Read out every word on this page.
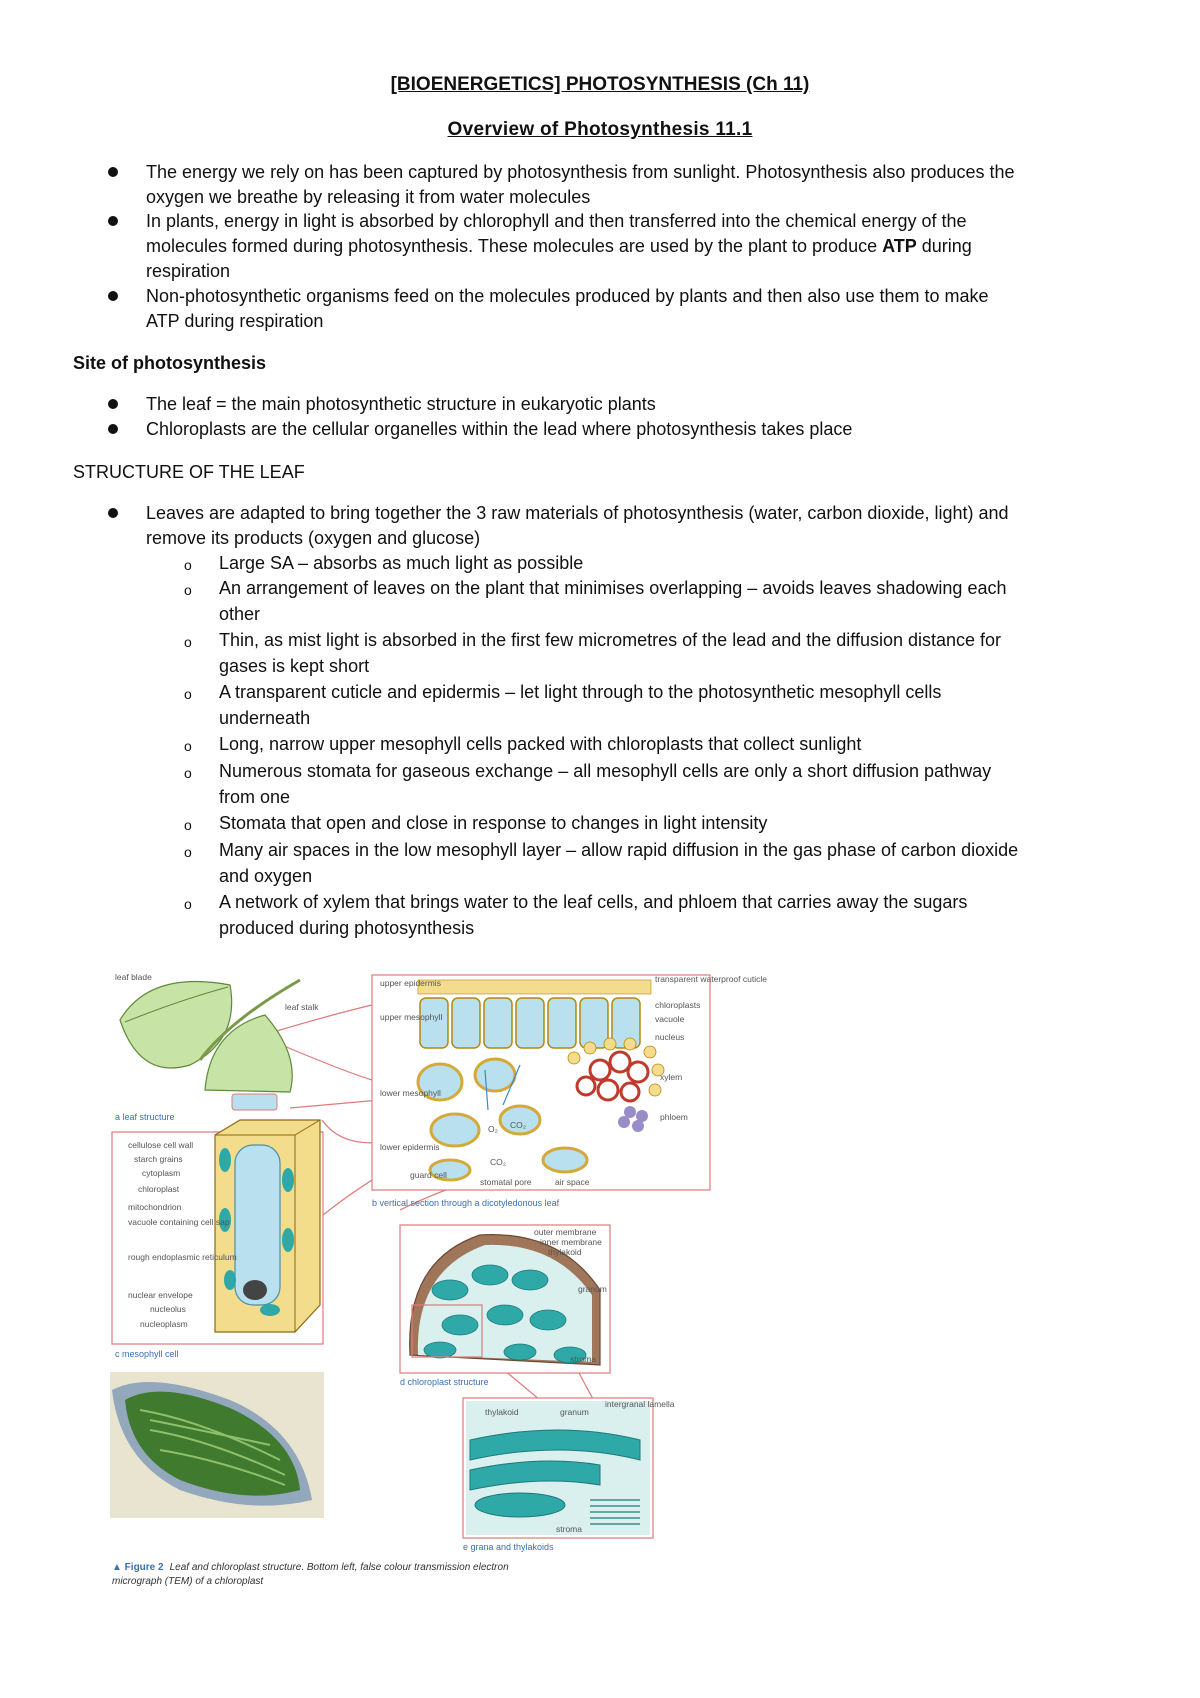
[BIOENERGETICS] PHOTOSYNTHESIS (Ch 11)
Overview of Photosynthesis 11.1
The energy we rely on has been captured by photosynthesis from sunlight. Photosynthesis also produces the
oxygen we breathe by releasing it from water molecules
In plants, energy in light is absorbed by chlorophyll and then transferred into the chemical energy of the
molecules formed during photosynthesis. These molecules are used by the plant to produce ATP during
respiration
Non-photosynthetic organisms feed on the molecules produced by plants and then also use them to make
ATP during respiration
Site of photosynthesis
The leaf = the main photosynthetic structure in eukaryotic plants
Chloroplasts are the cellular organelles within the lead where photosynthesis takes place
STRUCTURE OF THE LEAF
Leaves are adapted to bring together the 3 raw materials of photosynthesis (water, carbon dioxide, light) and
remove its products (oxygen and glucose)
o Large SA – absorbs as much light as possible
o An arrangement of leaves on the plant that minimises overlapping – avoids leaves shadowing each
other
o Thin, as mist light is absorbed in the first few micrometres of the lead and the diffusion distance for
gases is kept short
o A transparent cuticle and epidermis – let light through to the photosynthetic mesophyll cells
underneath
o Long, narrow upper mesophyll cells packed with chloroplasts that collect sunlight
o Numerous stomata for gaseous exchange – all mesophyll cells are only a short diffusion pathway
from one
o Stomata that open and close in response to changes in light intensity
o Many air spaces in the low mesophyll layer – allow rapid diffusion in the gas phase of carbon dioxide
and oxygen
o A network of xylem that brings water to the leaf cells, and phloem that carries away the sugars
produced during photosynthesis
leaf blade
leaf stalk
a leaf structure
O₂ CO₂
CO₂
upper epidermis
upper mesophyll
lower mesophyll
lower epidermis
guard cell
transparent waterproof cuticle
chloroplasts
vacuole
nucleus
xylem
phloem
stomatal pore	air space
b vertical section through a dicotyledonous leaf
cellulose cell wall
starch grains
cytoplasm
chloroplast
mitochondrion
vacuole containing cell sap
rough endoplasmic reticulum
nuclear envelope
nucleolus
nucleoplasm
c mesophyll cell
outer membrane
inner membrane
thylakoid
granum
stroma
d chloroplast structure
thylakoid	granum
intergranal lamella
stroma
e grana and thylakoids
▲ Figure 2 Leaf and chloroplast structure. Bottom left, false colour transmission electron
micrograph (TEM) of a chloroplast
